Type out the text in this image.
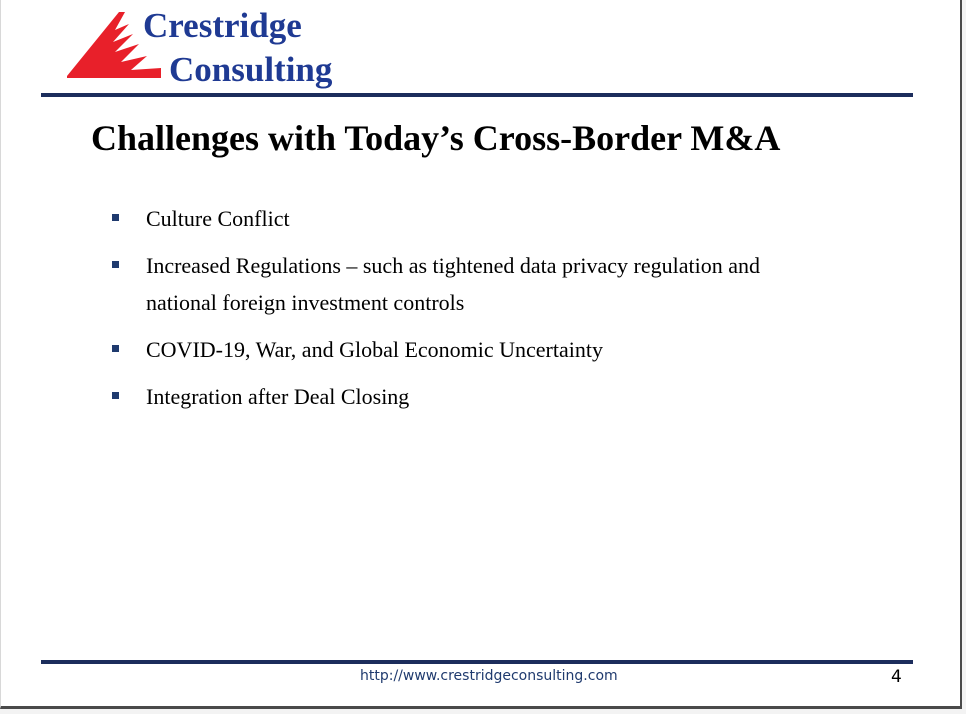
Crestridge
Consulting
Challenges with Today’s Cross-Border M&A
Culture Conflict
Increased Regulations – such as tightened data privacy regulation and national foreign investment controls
COVID-19, War, and Global Economic Uncertainty
Integration after Deal Closing
http://www.crestridgeconsulting.com	4
